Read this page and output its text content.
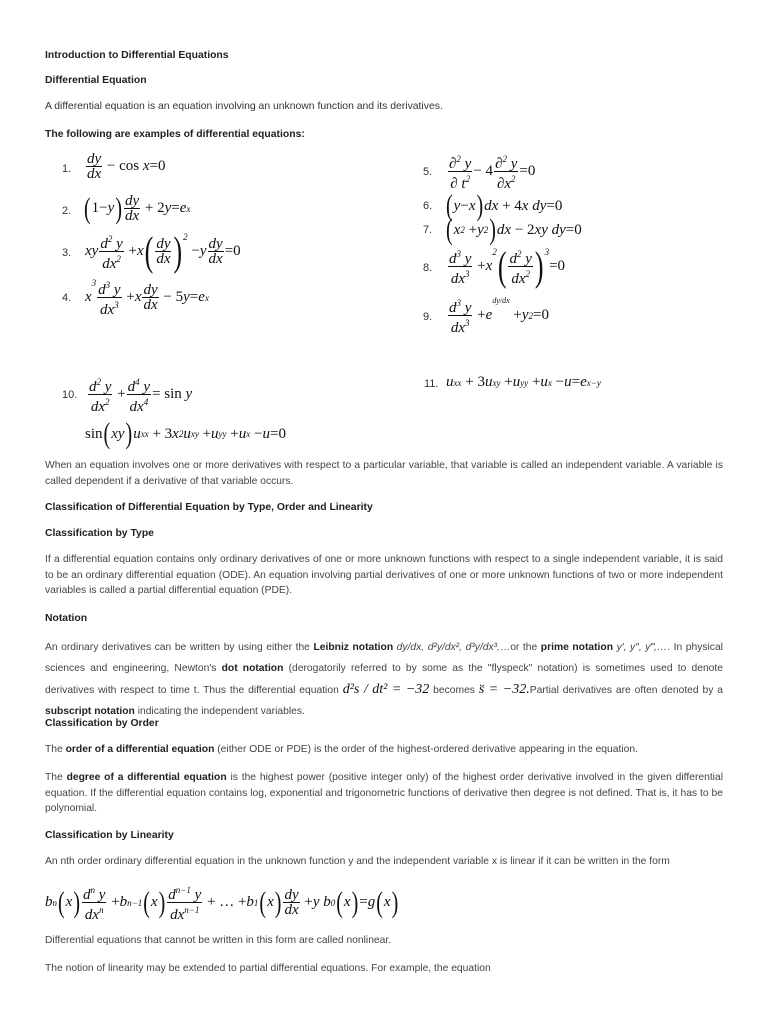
Introduction to Differential Equations

Differential Equation

A differential equation is an equation involving an unknown function and its derivatives.

The following are examples of differential equations:

1.
dy
dx − cos x =0
2. ( 1− y ) dy
dx + 2 y = e x
3. xy $d^2$ y
$dx^2 + x$ ( dy
dx )$^2$
− y $\frac{dy}{dx} =0$
4. x
3 $d^3$ y
$dx^3 + x \frac{dy}{dx} - 5$ y = e x
5. ∂$^2$ y
∂ $t^2 - 4 \frac{\partial^2 y}{\partial x^2} =0$
6. ( y − x ) dx + 4 x dy =0
7. ( x 2 + y 2 ) dx − 2 xy dy =0
8.
$d^3$ y
$dx^3 + x$
2 ( $d^2$ y
$dx^2$ )$^3$
=0
9.
$d^3$ y
$dx^3 + e$
dy/dx
+ y 2 =0
10. $d^2$ y
$dx^2 + \frac{d^4 y}{dx^4} = \sin y$
sin ( xy ) u xx + 3 x 2 u xy + u yy + u x − u =0
11. u xx + 3 u xy + u yy + u x − u = e x−y

When an equation involves one or more derivatives with respect to a particular variable, that variable is called an independent variable. A variable is called dependent if a derivative of that variable occurs.

Classification of Differential Equation by Type, Order and Linearity

Classification by Type

If a differential equation contains only ordinary derivatives of one or more unknown functions with respect to a single independent variable, it is said to be an ordinary differential equation (ODE). An equation involving partial derivatives of one or more unknown functions of two or more independent variables is called a partial differential equation (PDE).

Notation

An ordinary derivatives can be written by using either the Leibniz notation dy/dx, d²y/dx², d³y/dx³,…or the prime notation y′, y″, y‴,…. In physical sciences and engineering, Newton's dot notation (derogatorily referred to by some as the "flyspeck" notation) is sometimes used to denote derivatives with respect to time t. Thus the differential equation d²s / dt² = −32 becomes s̈ = −32.Partial derivatives are often denoted by a subscript notation indicating the independent variables.

Classification by Order

The order of a differential equation (either ODE or PDE) is the order of the highest-ordered derivative appearing in the equation.

The degree of a differential equation is the highest power (positive integer only) of the highest order derivative involved in the given differential equation. If the differential equation contains log, exponential and trigonometric functions of derivative then degree is not defined. That is, it has to be polynomial.

Classification by Linearity

An nth order ordinary differential equation in the unknown function y and the independent variable x is linear if it can be written in the form

b n ( x ) $d^n$ y
$dx^n + b$ n−1 ( x ) $d^{n-1}$ y
$dx^{n-1}$ + … + b 1 ( x ) dy
dx + y b 0 ( x ) = g ( x )

Differential equations that cannot be written in this form are called nonlinear.

The notion of linearity may be extended to partial differential equations. For example, the equation
